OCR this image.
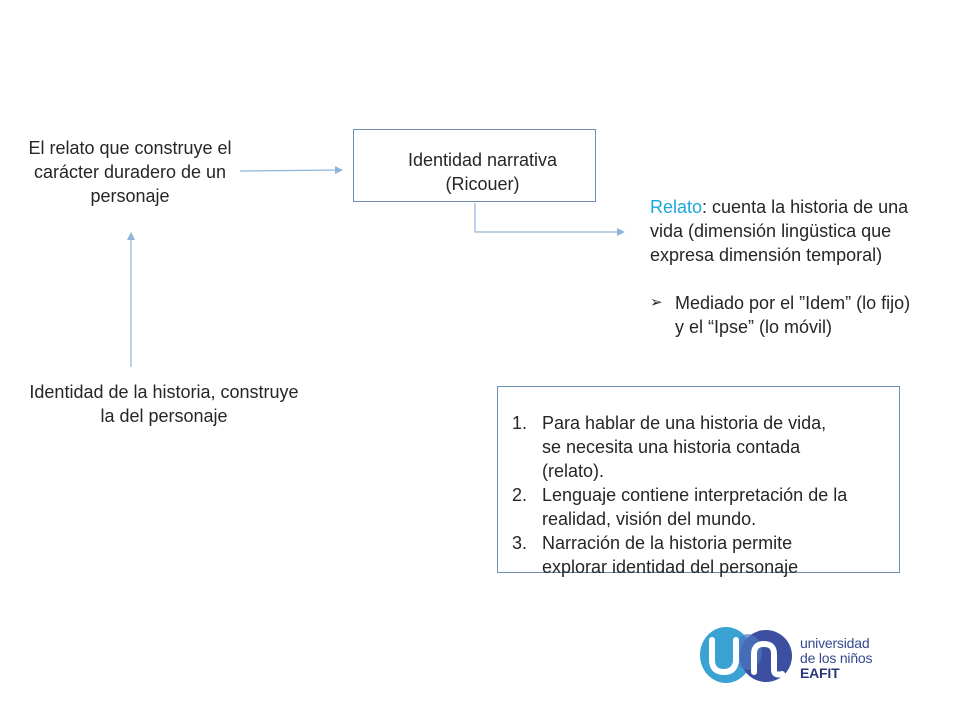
El relato que construye el
carácter duradero de un
personaje
Identidad de la historia, construye
la del personaje
Identidad narrativa
(Ricouer)
Relato: cuenta la historia de una
vida (dimensión lingüstica que
expresa dimensión temporal)
➢ Mediado por el ”Idem” (lo fijo)
y el “Ipse” (lo móvil)
1. Para hablar de una historia de vida,
se necesita una historia contada
(relato).
2. Lenguaje contiene interpretación de la
realidad, visión del mundo.
3. Narración de la historia permite
explorar identidad del personaje
universidad
de los niños
EAFIT
